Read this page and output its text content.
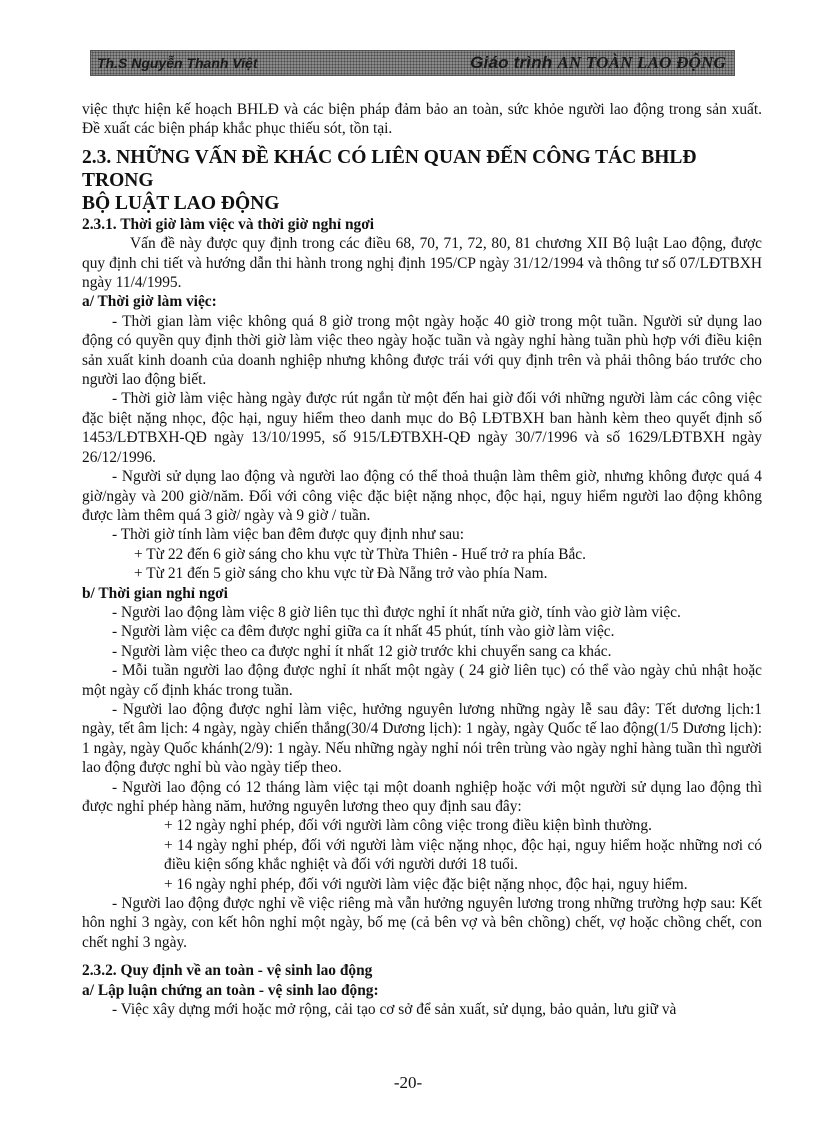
Th.S Nguyễn Thanh Việt	Giáo trình AN TOÀN LAO ĐỘNG

việc thực hiện kế hoạch BHLĐ và các biện pháp đảm bảo an toàn, sức khỏe người lao động trong sản xuất. Đề xuất các biện pháp khắc phục thiếu sót, tồn tại.

2.3. NHỮNG VẤN ĐỀ KHÁC CÓ LIÊN QUAN ĐẾN CÔNG TÁC BHLĐ TRONG
BỘ LUẬT LAO ĐỘNG

2.3.1. Thời giờ làm việc và thời giờ nghỉ ngơi

Vấn đề này được quy định trong các điều 68, 70, 71, 72, 80, 81 chương XII Bộ luật Lao động, được quy định chi tiết và hướng dẫn thi hành trong nghị định 195/CP ngày 31/12/1994 và thông tư số 07/LĐTBXH ngày 11/4/1995.

a/ Thời giờ làm việc:

- Thời gian làm việc không quá 8 giờ trong một ngày hoặc 40 giờ trong một tuần. Người sử dụng lao động có quyền quy định thời giờ làm việc theo ngày hoặc tuần và ngày nghỉ hàng tuần phù hợp với điều kiện sản xuất kinh doanh của doanh nghiệp nhưng không được trái với quy định trên và phải thông báo trước cho người lao động biết.

- Thời giờ làm việc hàng ngày được rút ngắn từ một đến hai giờ đối với những người làm các công việc đặc biệt nặng nhọc, độc hại, nguy hiểm theo danh mục do Bộ LĐTBXH ban hành kèm theo quyết định số 1453/LĐTBXH-QĐ ngày 13/10/1995, số 915/LĐTBXH-QĐ ngày 30/7/1996 và số 1629/LĐTBXH ngày 26/12/1996.

- Người sử dụng lao động và người lao động có thể thoả thuận làm thêm giờ, nhưng không được quá 4 giờ/ngày và 200 giờ/năm. Đối với công việc đặc biệt nặng nhọc, độc hại, nguy hiểm người lao động không được làm thêm quá 3 giờ/ ngày và 9 giờ / tuần.

- Thời giờ tính làm việc ban đêm được quy định như sau:

+ Từ 22 đến 6 giờ sáng cho khu vực từ Thừa Thiên - Huế trở ra phía Bắc.

+ Từ 21 đến 5 giờ sáng cho khu vực từ Đà Nẵng trở vào phía Nam.

b/ Thời gian nghỉ ngơi

- Người lao động làm việc 8 giờ liên tục thì được nghỉ ít nhất nửa giờ, tính vào giờ làm việc.

- Người làm việc ca đêm được nghỉ giữa ca ít nhất 45 phút, tính vào giờ làm việc.

- Người làm việc theo ca được nghỉ ít nhất 12 giờ trước khi chuyển sang ca khác.

- Mỗi tuần người lao động được nghỉ ít nhất một ngày ( 24 giờ liên tục) có thể vào ngày chủ nhật hoặc một ngày cố định khác trong tuần.

- Người lao động được nghỉ làm việc, hưởng nguyên lương những ngày lễ sau đây: Tết dương lịch:1 ngày, tết âm lịch: 4 ngày, ngày chiến thắng(30/4 Dương lịch): 1 ngày, ngày Quốc tế lao động(1/5 Dương lịch): 1 ngày, ngày Quốc khánh(2/9): 1 ngày. Nếu những ngày nghỉ nói trên trùng vào ngày nghỉ hàng tuần thì người lao động được nghỉ bù vào ngày tiếp theo.

- Người lao động có 12 tháng làm việc tại một doanh nghiệp hoặc với một người sử dụng lao động thì được nghỉ phép hàng năm, hưởng nguyên lương theo quy định sau đây:

+ 12 ngày nghỉ phép, đối với người làm công việc trong điều kiện bình thường.

+ 14 ngày nghỉ phép, đối với người làm việc nặng nhọc, độc hại, nguy hiểm hoặc những nơi có điều kiện sống khắc nghiệt và đối với người dưới 18 tuổi.

+ 16 ngày nghỉ phép, đối với người làm việc đặc biệt nặng nhọc, độc hại, nguy hiểm.

- Người lao động được nghỉ về việc riêng mà vẫn hưởng nguyên lương trong những trường hợp sau: Kết hôn nghỉ 3 ngày, con kết hôn nghỉ một ngày, bố mẹ (cả bên vợ và bên chồng) chết, vợ hoặc chồng chết, con chết nghỉ 3 ngày.

2.3.2. Quy định về an toàn - vệ sinh lao động

a/ Lập luận chứng an toàn - vệ sinh lao động:

- Việc xây dựng mới hoặc mở rộng, cải tạo cơ sở để sản xuất, sử dụng, bảo quản, lưu giữ và

-20-
